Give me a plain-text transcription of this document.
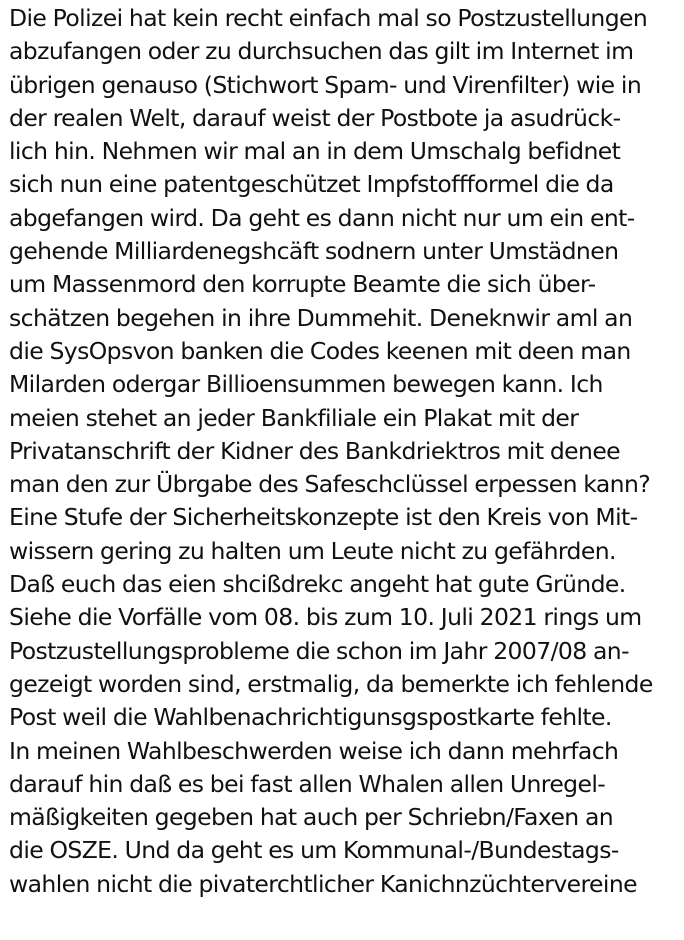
Die Polizei hat kein recht einfach mal so Postzustellungen
abzufangen oder zu durchsuchen das gilt im Internet im
übrigen genauso (Stichwort Spam- und Virenfilter) wie in
der realen Welt, darauf weist der Postbote ja asudrück-
lich hin. Nehmen wir mal an in dem Umschalg befidnet
sich nun eine patentgeschützet Impfstoffformel die da
abgefangen wird. Da geht es dann nicht nur um ein ent-
gehende Milliardenegshcäft sodnern unter Umstädnen
um Massenmord den korrupte Beamte die sich über-
schätzen begehen in ihre Dummehit. Deneknwir aml an
die SysOpsvon banken die Codes keenen mit deen man
Milarden odergar Billioensummen bewegen kann. Ich
meien stehet an jeder Bankfiliale ein Plakat mit der
Privatanschrift der Kidner des Bankdriektros mit denee
man den zur Übrgabe des Safeschclüssel erpessen kann?
Eine Stufe der Sicherheitskonzepte ist den Kreis von Mit-
wissern gering zu halten um Leute nicht zu gefährden.
Daß euch das eien shcißdrekc angeht hat gute Gründe.
Siehe die Vorfälle vom 08. bis zum 10. Juli 2021 rings um
Postzustellungsprobleme die schon im Jahr 2007/08 an-
gezeigt worden sind, erstmalig, da bemerkte ich fehlende
Post weil die Wahlbenachrichtigunsgspostkarte fehlte.
In meinen Wahlbeschwerden weise ich dann mehrfach
darauf hin daß es bei fast allen Whalen allen Unregel-
mäßigkeiten gegeben hat auch per Schriebn/Faxen an
die OSZE. Und da geht es um Kommunal-/Bundestags-
wahlen nicht die pivaterchtlicher Kanichnzüchtervereine
